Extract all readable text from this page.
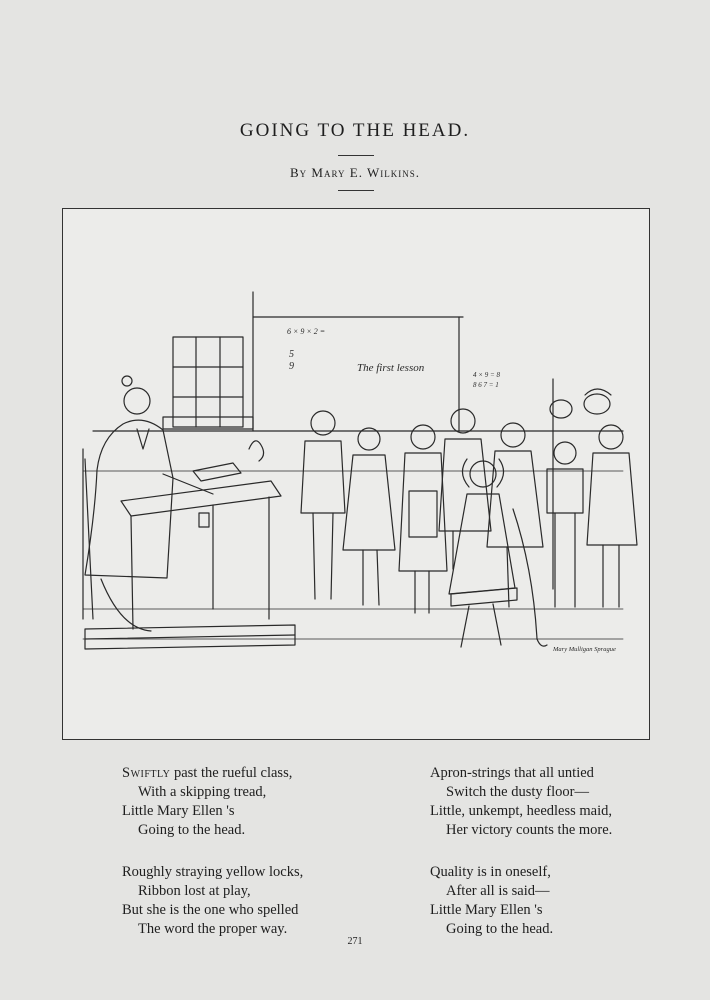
GOING TO THE HEAD.
By Mary E. Wilkins.
6 × 9 × 2 =
5
9	The first lesson
4 × 9 = 8
8 6 7 = 1
Mary Mulligan Sprague
Swiftly past the rueful class,
With a skipping tread,
Little Mary Ellen 's
Going to the head.
Roughly straying yellow locks,
Ribbon lost at play,
But she is the one who spelled
The word the proper way.
Apron-strings that all untied
Switch the dusty floor—
Little, unkempt, heedless maid,
Her victory counts the more.
Quality is in oneself,
After all is said—
Little Mary Ellen 's
Going to the head.
271
